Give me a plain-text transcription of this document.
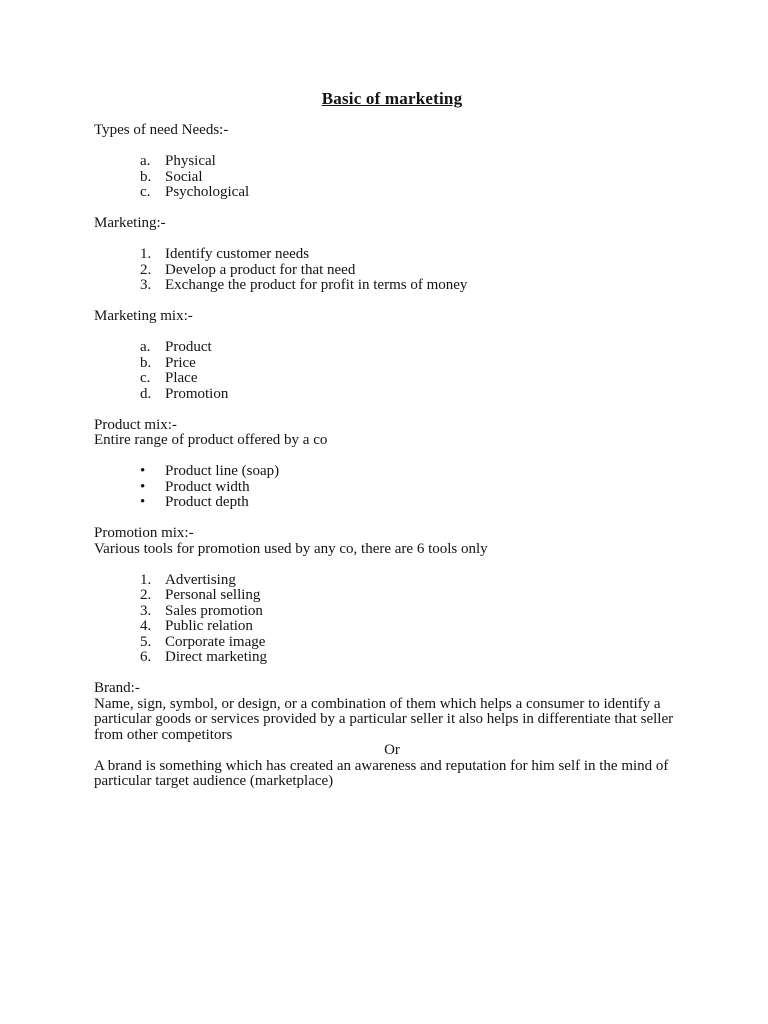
Basic of marketing

Types of need Needs:-

a. Physical
b. Social
c. Psychological

Marketing:-

1. Identify customer needs
2. Develop a product for that need
3. Exchange the product for profit in terms of money

Marketing mix:-

a. Product
b. Price
c. Place
d. Promotion

Product mix:-

Entire range of product offered by a co

•	Product line (soap)
•	Product width
•	Product depth

Promotion mix:-

Various tools for promotion used by any co, there are 6 tools only

1. Advertising
2. Personal selling
3. Sales promotion
4. Public relation
5. Corporate image
6. Direct marketing

Brand:-

Name, sign, symbol, or design, or a combination of them which helps a consumer to identify a particular goods or services provided by a particular seller it also helps in differentiate that seller from other competitors

Or

A brand is something which has created an awareness and reputation for him self in the mind of particular target audience (marketplace)
